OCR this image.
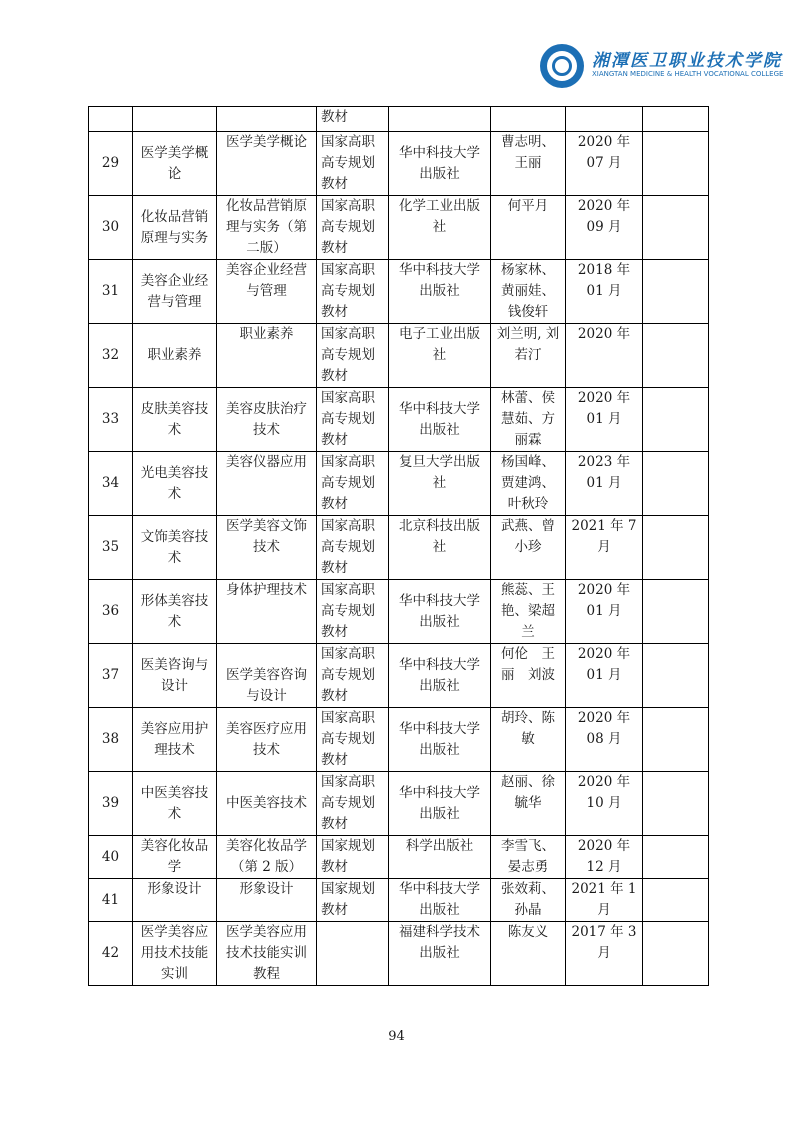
湘潭医卫职业技术学院
XIANGTAN MEDICINE & HEALTH VOCATIONAL COLLEGE
			教材				
29	医学美学概论	医学美学概论	国家高职高专规划教材	华中科技大学出版社	曹志明、王丽	2020 年 07 月	
30	化妆品营销原理与实务	化妆品营销原理与实务（第二版）	国家高职高专规划教材	化学工业出版社	何平月	2020 年 09 月	
31	美容企业经营与管理	美容企业经营与管理	国家高职高专规划教材	华中科技大学出版社	杨家林、黄丽娃、钱俊轩	2018 年 01 月	
32	职业素养	职业素养	国家高职高专规划教材	电子工业出版社	刘兰明, 刘若汀	2020 年	
33	皮肤美容技术	美容皮肤治疗技术	国家高职高专规划教材	华中科技大学出版社	林蕾、侯慧茹、方丽霖	2020 年 01 月	
34	光电美容技术	美容仪器应用	国家高职高专规划教材	复旦大学出版社	杨国峰、贾建鸿、叶秋玲	2023 年 01 月	
35	文饰美容技术	医学美容文饰技术	国家高职高专规划教材	北京科技出版社	武燕、曾小珍	2021 年 7 月	
36	形体美容技术	身体护理技术	国家高职高专规划教材	华中科技大学出版社	熊蕊、王艳、梁超兰	2020 年 01 月	
37	医美咨询与设计	医学美容咨询与设计	国家高职高专规划教材	华中科技大学出版社	何伦　王丽　刘波	2020 年 01 月	
38	美容应用护理技术	美容医疗应用技术	国家高职高专规划教材	华中科技大学出版社	胡玲、陈敏	2020 年 08 月	
39	中医美容技术	中医美容技术	国家高职高专规划教材	华中科技大学出版社	赵丽、徐毓华	2020 年 10 月	
40	美容化妆品学	美容化妆品学（第 2 版）	国家规划教材	科学出版社	李雪飞、晏志勇	2020 年 12 月	
41	形象设计	形象设计	国家规划教材	华中科技大学出版社	张效莉、孙晶	2021 年 1 月	
42	医学美容应用技术技能实训	医学美容应用技术技能实训教程		福建科学技术出版社	陈友义	2017 年 3 月	
94
